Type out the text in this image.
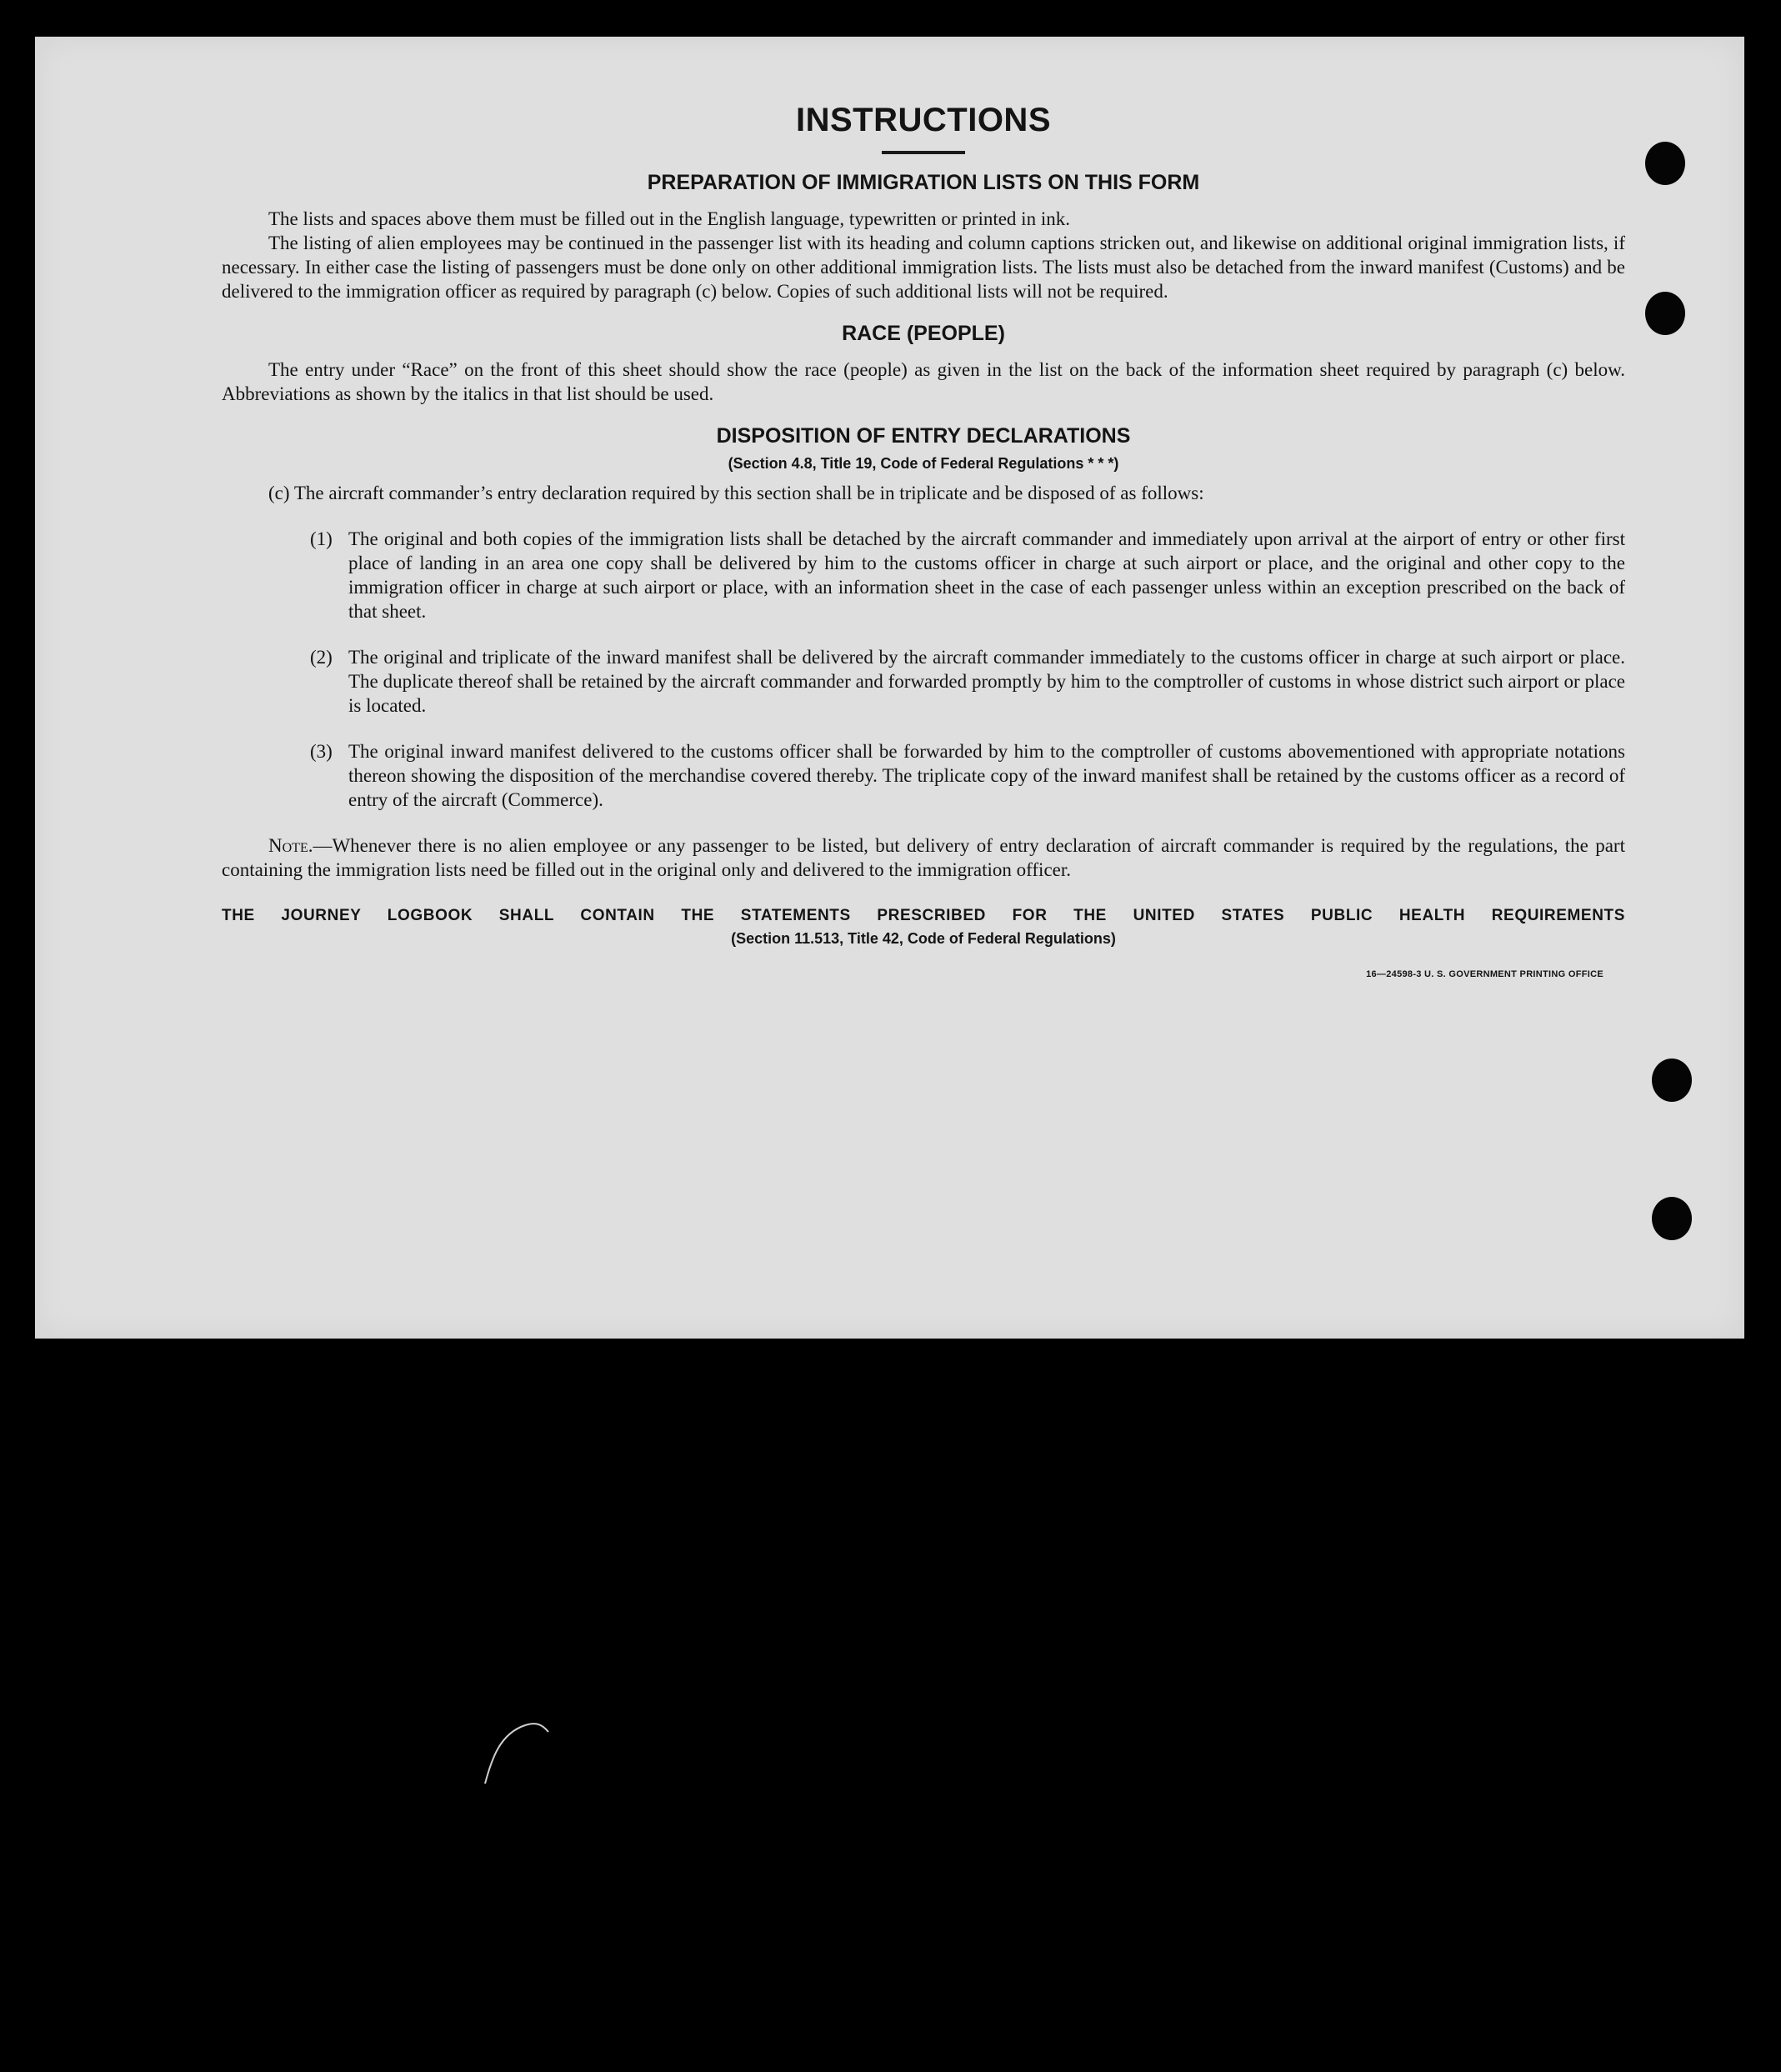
INSTRUCTIONS
PREPARATION OF IMMIGRATION LISTS ON THIS FORM

The lists and spaces above them must be filled out in the English language, typewritten or printed in ink.

The listing of alien employees may be continued in the passenger list with its heading and column captions stricken out, and likewise on additional original immigration lists, if necessary. In either case the listing of passengers must be done only on other additional immigration lists. The lists must also be detached from the inward manifest (Customs) and be delivered to the immigration officer as required by paragraph (c) below. Copies of such additional lists will not be required.

RACE (PEOPLE)

The entry under “Race” on the front of this sheet should show the race (people) as given in the list on the back of the information sheet required by paragraph (c) below. Abbreviations as shown by the italics in that list should be used.

DISPOSITION OF ENTRY DECLARATIONS
(Section 4.8, Title 19, Code of Federal Regulations * * *)

(c) The aircraft commander’s entry declaration required by this section shall be in triplicate and be disposed of as follows:

(1) The original and both copies of the immigration lists shall be detached by the aircraft commander and immediately upon arrival at the airport of entry or other first place of landing in an area one copy shall be delivered by him to the customs officer in charge at such airport or place, and the original and other copy to the immigration officer in charge at such airport or place, with an information sheet in the case of each passenger unless within an exception prescribed on the back of that sheet.
(2) The original and triplicate of the inward manifest shall be delivered by the aircraft commander immediately to the customs officer in charge at such airport or place. The duplicate thereof shall be retained by the aircraft commander and forwarded promptly by him to the comptroller of customs in whose district such airport or place is located.
(3) The original inward manifest delivered to the customs officer shall be forwarded by him to the comptroller of customs abovementioned with appropriate notations thereon showing the disposition of the merchandise covered thereby. The triplicate copy of the inward manifest shall be retained by the customs officer as a record of entry of the aircraft (Commerce).

Note.—Whenever there is no alien employee or any passenger to be listed, but delivery of entry declaration of aircraft commander is required by the regulations, the part containing the immigration lists need be filled out in the original only and delivered to the immigration officer.

THE JOURNEY LOGBOOK SHALL CONTAIN THE STATEMENTS PRESCRIBED FOR THE UNITED STATES PUBLIC HEALTH REQUIREMENTS
(Section 11.513, Title 42, Code of Federal Regulations)
16—24598-3 U. S. GOVERNMENT PRINTING OFFICE
